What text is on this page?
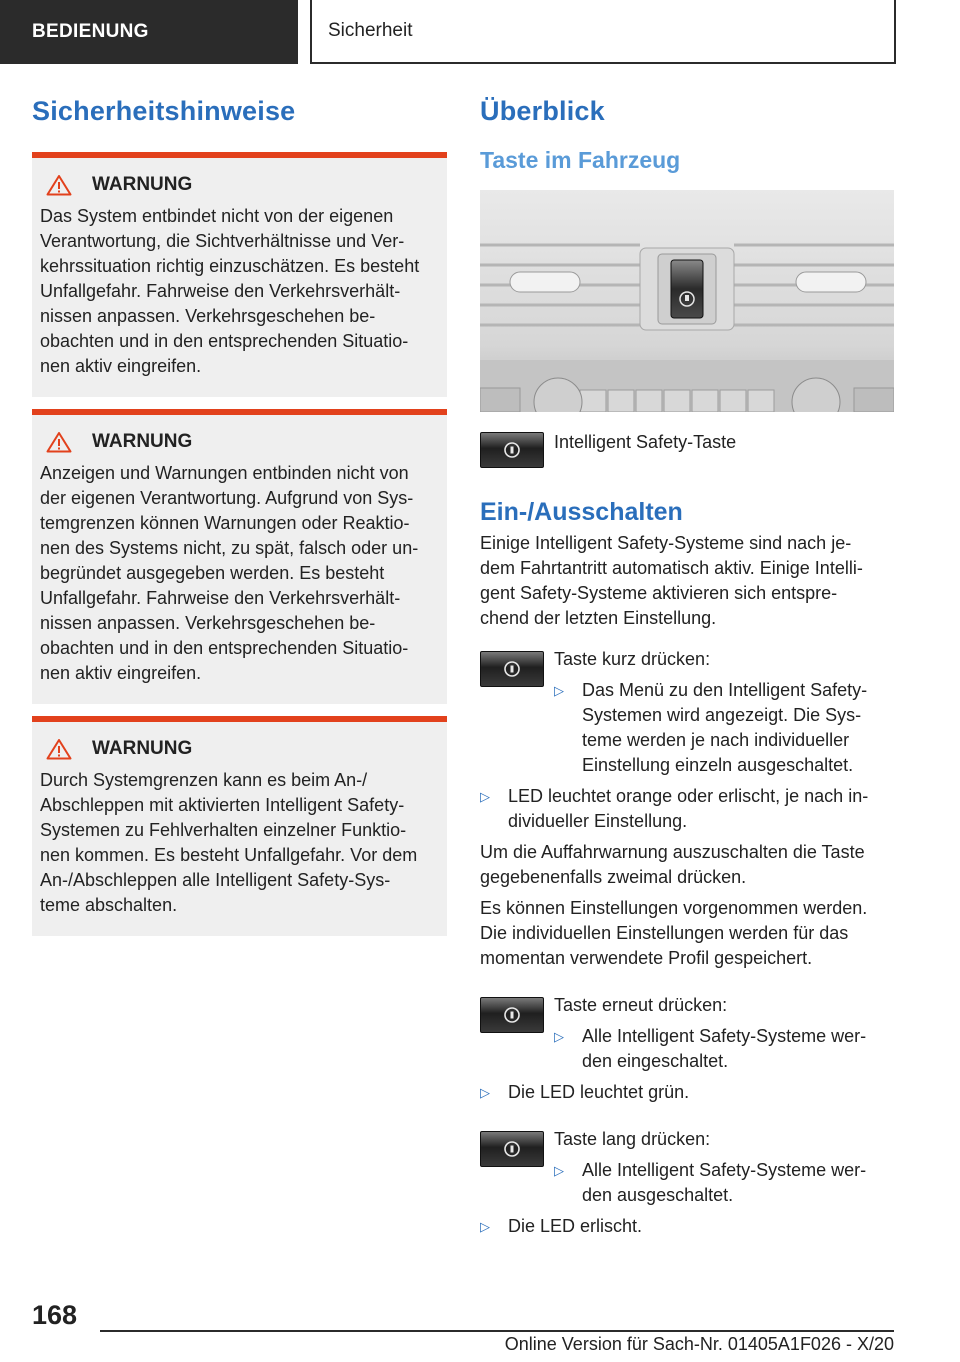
BEDIENUNG	Sicherheit
Sicherheitshinweise
WARNUNG
Das System entbindet nicht von der eigenen
Verantwortung, die Sichtverhältnisse und Ver-
kehrssituation richtig einzuschätzen. Es besteht
Unfallgefahr. Fahrweise den Verkehrsverhält-
nissen anpassen. Verkehrsgeschehen be-
obachten und in den entsprechenden Situatio-
nen aktiv eingreifen.
WARNUNG
Anzeigen und Warnungen entbinden nicht von
der eigenen Verantwortung. Aufgrund von Sys-
temgrenzen können Warnungen oder Reaktio-
nen des Systems nicht, zu spät, falsch oder un-
begründet ausgegeben werden. Es besteht
Unfallgefahr. Fahrweise den Verkehrsverhält-
nissen anpassen. Verkehrsgeschehen be-
obachten und in den entsprechenden Situatio-
nen aktiv eingreifen.
WARNUNG
Durch Systemgrenzen kann es beim An-/
Abschleppen mit aktivierten Intelligent Safety-
Systemen zu Fehlverhalten einzelner Funktio-
nen kommen. Es besteht Unfallgefahr. Vor dem
An-/Abschleppen alle Intelligent Safety-Sys-
teme abschalten.
Überblick
Taste im Fahrzeug

Intelligent Safety-Taste

Ein-/Ausschalten

Einige Intelligent Safety-Systeme sind nach je-

dem Fahrtantritt automatisch aktiv. Einige Intelli-

gent Safety-Systeme aktivieren sich entspre-

chend der letzten Einstellung.

Taste kurz drücken:

▷	Das Menü zu den Intelligent Safety-
Systemen wird angezeigt. Die Sys-
teme werden je nach individueller
Einstellung einzeln ausgeschaltet.
▷	LED leuchtet orange oder erlischt, je nach in-
dividueller Einstellung.

Um die Auffahrwarnung auszuschalten die Taste

gegebenenfalls zweimal drücken.

Es können Einstellungen vorgenommen werden.

Die individuellen Einstellungen werden für das

momentan verwendete Profil gespeichert.

Taste erneut drücken:

▷	Alle Intelligent Safety-Systeme wer-
den eingeschaltet.
▷	Die LED leuchtet grün.

Taste lang drücken:

▷	Alle Intelligent Safety-Systeme wer-
den ausgeschaltet.
▷	Die LED erlischt.
168
Online Version für Sach-Nr. 01405A1F026 - X/20
